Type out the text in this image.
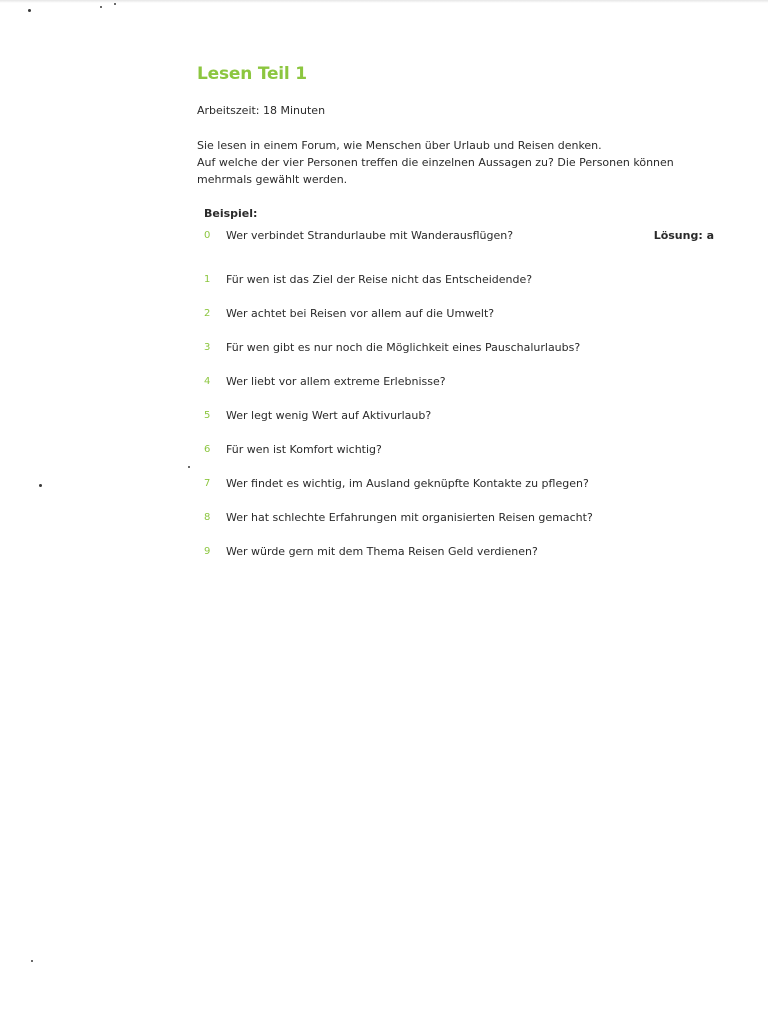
Lesen Teil 1
Arbeitszeit: 18 Minuten

Sie lesen in einem Forum, wie Menschen über Urlaub und Reisen denken.

Auf welche der vier Personen treffen die einzelnen Aussagen zu? Die Personen können mehrmals gewählt werden.

Beispiel:
0 Wer verbindet Strandurlaube mit Wanderausflügen?	Lösung: a
1 Für wen ist das Ziel der Reise nicht das Entscheidende?
2 Wer achtet bei Reisen vor allem auf die Umwelt?
3 Für wen gibt es nur noch die Möglichkeit eines Pauschalurlaubs?
4 Wer liebt vor allem extreme Erlebnisse?
5 Wer legt wenig Wert auf Aktivurlaub?
6 Für wen ist Komfort wichtig?
7 Wer findet es wichtig, im Ausland geknüpfte Kontakte zu pflegen?
8 Wer hat schlechte Erfahrungen mit organisierten Reisen gemacht?
9 Wer würde gern mit dem Thema Reisen Geld verdienen?
